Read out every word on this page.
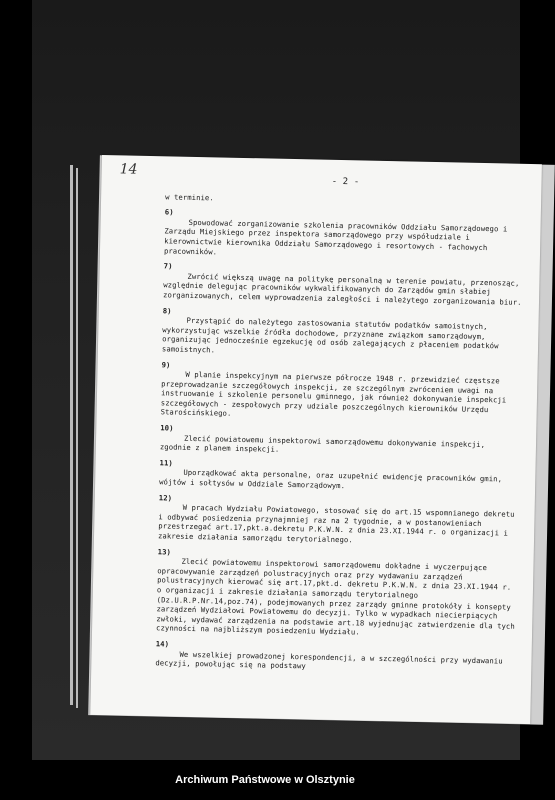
14
- 2 -

w terminie.

6)

Spowodować zorganizowanie szkolenia pracowników Oddziału Samorządowego i Zarządu Miejskiego przez inspektora samorządowego przy współudziale i kierownictwie kierownika Oddziału Samorządowego i resortowych - fachowych pracowników.

7)

Zwrócić większą uwagę na politykę personalną w terenie powiatu, przenosząc, względnie delegując pracowników wykwalifikowanych do Zarządów gmin słabiej zorganizowanych, celem wyprowadzenia zaległości i należytego zorganizowania biur.

8)

Przystąpić do należytego zastosowania statutów podatków samoistnych, wykorzystując wszelkie źródła dochodowe, przyznane związkom samorządowym, organizując jednocześnie egzekucję od osób zalegających z płaceniem podatków samoistnych.

9)

W planie inspekcyjnym na pierwsze półrocze 1948 r. przewidzieć częstsze przeprowadzanie szczegółowych inspekcji, ze szczególnym zwróceniem uwagi na instruowanie i szkolenie personelu gminnego, jak również dokonywanie inspekcji szczegółowych - zespołowych przy udziale poszczególnych kierowników Urzędu Starościńskiego.

10)

Zlecić powiatowemu inspektorowi samorządowemu dokonywanie inspekcji, zgodnie z planem inspekcji.

11)

Uporządkować akta personalne, oraz uzupełnić ewidencję pracowników gmin, wójtów i sołtysów w Oddziale Samorządowym.

12)

W pracach Wydziału Powiatowego, stosować się do art.15 wspomnianego dekretu i odbywać posiedzenia przynajmniej raz na 2 tygodnie, a w postanowieniach przestrzegać art.17,pkt.a.dekretu P.K.W.N. z dnia 23.XI.1944 r. o organizacji i zakresie działania samorządu terytorialnego.

13)

Zlecić powiatowemu inspektorowi samorządowemu dokładne i wyczerpujące opracowywanie zarządzeń polustracyjnych oraz przy wydawaniu zarządzeń polustracyjnych kierować się art.17,pkt.d. dekretu P.K.W.N. z dnia 23.XI.1944 r. o organizacji i zakresie działania samorządu terytorialnego (Dz.U.R.P.Nr.14,poz.74), podejmowanych przez zarządy gminne protokóły i konsepty zarządzeń Wydziałowi Powiatowemu do decyzji. Tylko w wypadkach niecierpiących zwłoki, wydawać zarządzenia na podstawie art.18 wyjednując zatwierdzenie dla tych czynności na najbliższym posiedzeniu Wydziału.

14)

We wszelkiej prowadzonej korespondencji, a w szczególności przy wydawaniu decyzji, powołując się na podstawy

Archiwum Państwowe w Olsztynie
